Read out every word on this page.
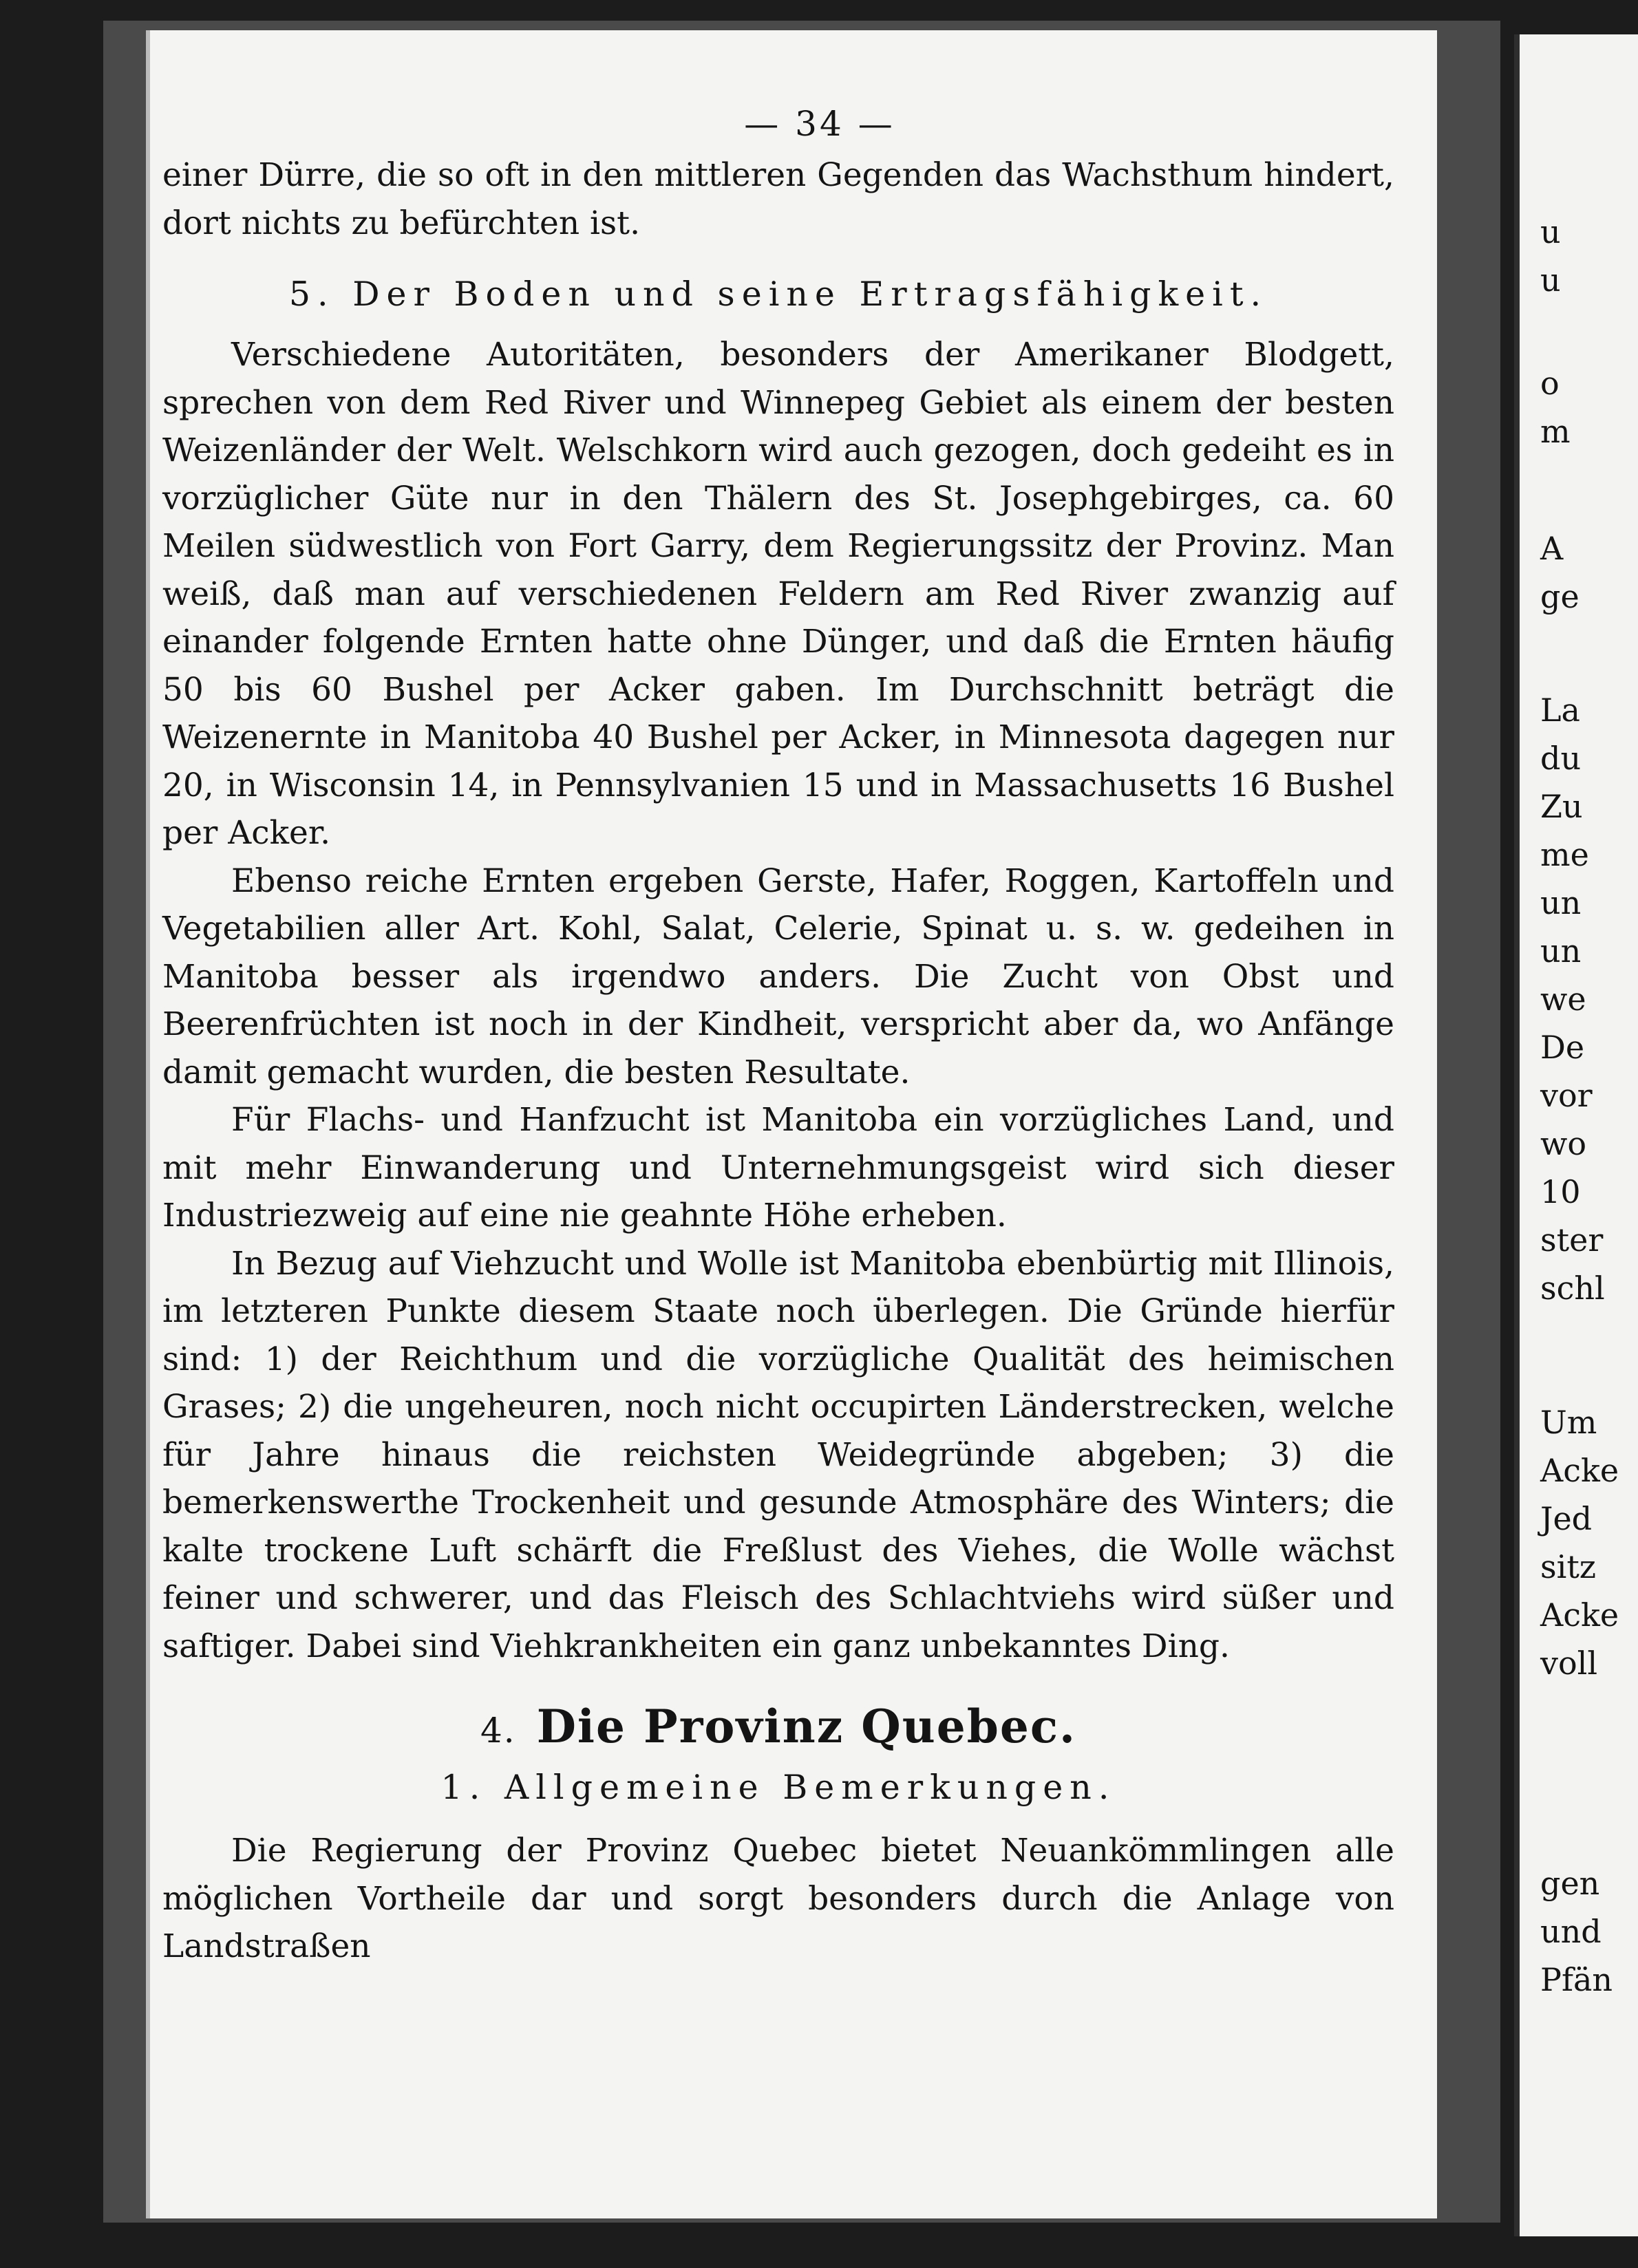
— 34 —

einer Dürre, die so oft in den mittleren Gegenden das Wachsthum hindert, dort nichts zu befürchten ist.

5. Der Boden und seine Ertragsfähigkeit.

Verschiedene Autoritäten, besonders der Amerikaner Blodgett, sprechen von dem Red River und Winnepeg Gebiet als einem der besten Weizenländer der Welt. Welschkorn wird auch gezogen, doch gedeiht es in vorzüglicher Güte nur in den Thälern des St. Josephgebirges, ca. 60 Meilen südwestlich von Fort Garry, dem Regierungssitz der Provinz. Man weiß, daß man auf verschiedenen Feldern am Red River zwanzig auf einander folgende Ernten hatte ohne Dünger, und daß die Ernten häufig 50 bis 60 Bushel per Acker gaben. Im Durchschnitt beträgt die Weizenernte in Manitoba 40 Bushel per Acker, in Minnesota dagegen nur 20, in Wisconsin 14, in Pennsylvanien 15 und in Massachusetts 16 Bushel per Acker.

Ebenso reiche Ernten ergeben Gerste, Hafer, Roggen, Kartoffeln und Vegetabilien aller Art. Kohl, Salat, Celerie, Spinat u. s. w. gedeihen in Manitoba besser als irgendwo anders. Die Zucht von Obst und Beerenfrüchten ist noch in der Kindheit, verspricht aber da, wo Anfänge damit gemacht wurden, die besten Resultate.

Für Flachs- und Hanfzucht ist Manitoba ein vorzügliches Land, und mit mehr Einwanderung und Unternehmungsgeist wird sich dieser Industriezweig auf eine nie geahnte Höhe erheben.

In Bezug auf Viehzucht und Wolle ist Manitoba ebenbürtig mit Illinois, im letzteren Punkte diesem Staate noch überlegen. Die Gründe hierfür sind: 1) der Reichthum und die vorzügliche Qualität des heimischen Grases; 2) die ungeheuren, noch nicht occupirten Länderstrecken, welche für Jahre hinaus die reichsten Weidegründe abgeben; 3) die bemerkenswerthe Trockenheit und gesunde Atmosphäre des Winters; die kalte trockene Luft schärft die Freßlust des Viehes, die Wolle wächst feiner und schwerer, und das Fleisch des Schlachtviehs wird süßer und saftiger. Dabei sind Viehkrankheiten ein ganz unbekanntes Ding.

4. Die Provinz Quebec.
1. Allgemeine Bemerkungen.

Die Regierung der Provinz Quebec bietet Neuankömmlingen alle möglichen Vortheile dar und sorgt besonders durch die Anlage von Landstraßen

u
u
o
m
A
ge
La
du
Zu
me
un
un
we
De
vor
wo
10
ster
schl
Um
Acke
Jed
sitz
Acke
voll
gen
und
Pfän
